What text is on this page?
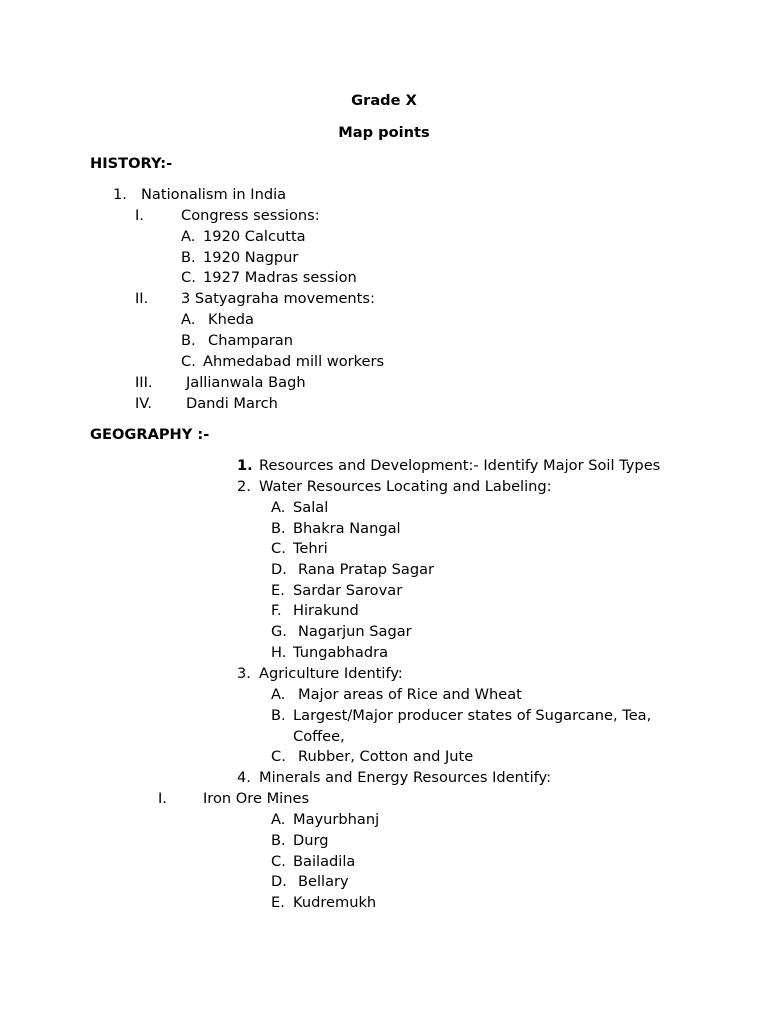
Grade X
Map points
HISTORY:-
1. Nationalism in India
I.	Congress sessions:
A. 1920 Calcutta
B. 1920 Nagpur
C. 1927 Madras session
II. 3 Satyagraha movements:
A. Kheda
B. Champaran
C. Ahmedabad mill workers
III. Jallianwala Bagh
IV. Dandi March
GEOGRAPHY :-
1. Resources and Development:- Identify Major Soil Types
2. Water Resources Locating and Labeling:
A. Salal
B. Bhakra Nangal
C. Tehri
D. Rana Pratap Sagar
E. Sardar Sarovar
F. Hirakund
G. Nagarjun Sagar
H. Tungabhadra
3. Agriculture Identify:
A. Major areas of Rice and Wheat
B. Largest/Major producer states of Sugarcane, Tea,
Coffee,
C. Rubber, Cotton and Jute
4. Minerals and Energy Resources Identify:
I. Iron Ore Mines
A. Mayurbhanj
B. Durg
C. Bailadila
D. Bellary
E. Kudremukh
